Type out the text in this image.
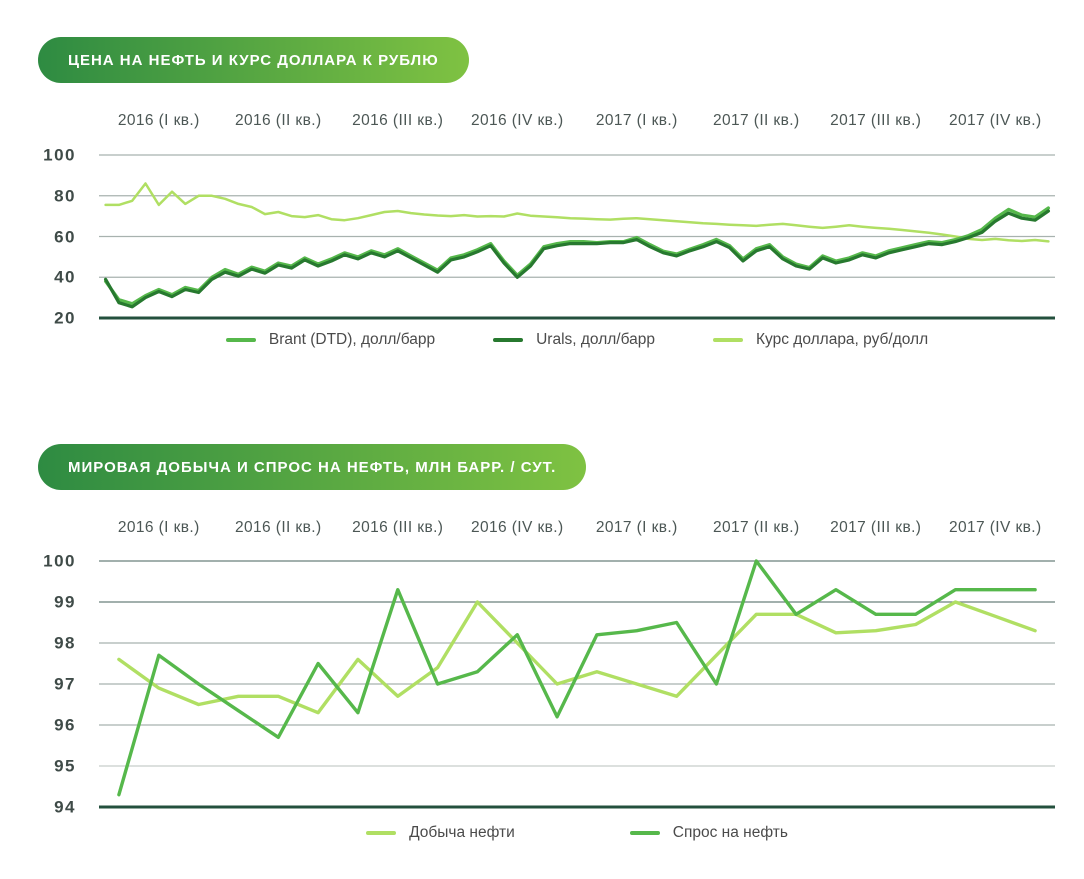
ЦЕНА НА НЕФТЬ И КУРС ДОЛЛАРА К РУБЛЮ
2016 (I кв.)	2016 (II кв.)	2016 (III кв.)	2016 (IV кв.)	2017 (I кв.)	2017 (II кв.)	2017 (III кв.)	2017 (IV кв.)
100
80
60
40
20
Brant (DTD), долл/барр	Urals, долл/барр	Курс доллара, руб/долл
МИРОВАЯ ДОБЫЧА И СПРОС НА НЕФТЬ, МЛН БАРР. / СУТ.
2016 (I кв.)	2016 (II кв.)	2016 (III кв.)	2016 (IV кв.)	2017 (I кв.)	2017 (II кв.)	2017 (III кв.)	2017 (IV кв.)
100
99
98
97
96
95
94
Добыча нефти	Спрос на нефть
